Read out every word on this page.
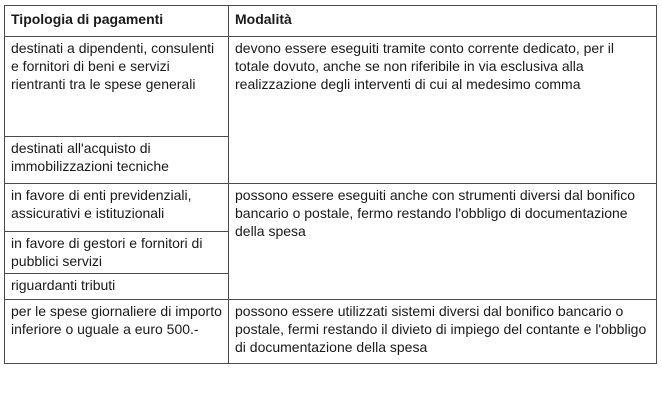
Tipologia di pagamenti	Modalità

destinati a dipendenti, consulenti e fornitori di beni e servizi rientranti tra le spese generali
destinati all'acquisto di immobilizzazioni tecniche	devono essere eseguiti tramite conto corrente dedicato, per il totale dovuto, anche se non riferibile in via esclusiva alla realizzazione degli interventi di cui al medesimo comma

in favore di enti previdenziali, assicurativi e istituzionali
in favore di gestori e fornitori di pubblici servizi
riguardanti tributi	possono essere eseguiti anche con strumenti diversi dal bonifico bancario o postale, fermo restando l'obbligo di documentazione della spesa
per le spese giornaliere di importo inferiore o uguale a euro 500.-	possono essere utilizzati sistemi diversi dal bonifico bancario o postale, fermi restando il divieto di impiego del contante e l'obbligo di documentazione della spesa
